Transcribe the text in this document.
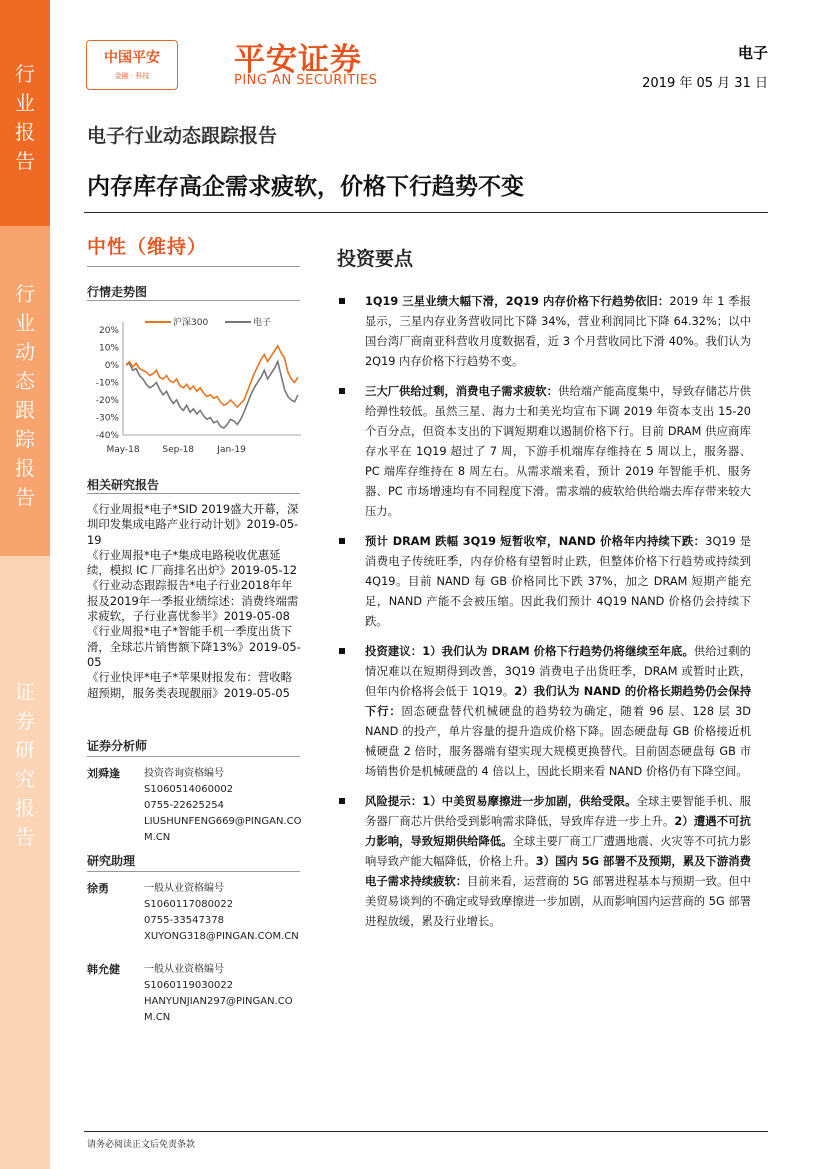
行
业
报
告
行
业
动
态
跟
踪
报
告
证
券
研
究
报
告
中国平安
金融 · 科技	平安证券
PING AN SECURITIES
电子
2019 年 05 月 31 日
电子行业动态跟踪报告
内存库存高企需求疲软，价格下行趋势不变
中性（维持）
行情走势图
沪深300	电子
20%
10%
0%
-10%
-20%
-30%
-40%
May-18	Sep-18	Jan-19
相关研究报告

《行业周报*电子*SID 2019盛大开幕，深圳印发集成电路产业行动计划》2019-05-19

《行业周报*电子*集成电路税收优惠延续，模拟 IC 厂商排名出炉》2019-05-12

《行业动态跟踪报告*电子行业2018年年报及2019年一季报业绩综述：消费终端需求疲软，子行业喜忧参半》2019-05-08

《行业周报*电子*智能手机一季度出货下滑，全球芯片销售额下降13%》2019-05-05

《行业快评*电子*苹果财报发布：营收略超预期，服务类表现靓丽》2019-05-05

证券分析师
刘舜逢 投资咨询资格编号
S1060514060002
0755-22625254
LIUSHUNFENG669@PINGAN.COM.CN
研究助理
徐勇	一般从业资格编号
S1060117080022
0755-33547378
XUYONG318@PINGAN.COM.CN
韩允健 一般从业资格编号
S1060119030022
HANYUNJIAN297@PINGAN.COM.CN
投资要点
1Q19 三星业绩大幅下滑，2Q19 内存价格下行趋势依旧：2019 年 1 季报显示，三星内存业务营收同比下降 34%，营业利润同比下降 64.32%；以中国台湾厂商南亚科营收月度数据看，近 3 个月营收同比下滑 40%。我们认为 2Q19 内存价格下行趋势不变。
三大厂供给过剩，消费电子需求疲软：供给端产能高度集中，导致存储芯片供给弹性较低。虽然三星、海力士和美光均宣布下调 2019 年资本支出 15-20 个百分点，但资本支出的下调短期难以遏制价格下行。目前 DRAM 供应商库存水平在 1Q19 超过了 7 周，下游手机端库存维持在 5 周以上，服务器、PC 端库存维持在 8 周左右。从需求端来看，预计 2019 年智能手机、服务器、PC 市场增速均有不同程度下滑。需求端的疲软给供给端去库存带来较大压力。
预计 DRAM 跌幅 3Q19 短暂收窄，NAND 价格年内持续下跌：3Q19 是消费电子传统旺季，内存价格有望暂时止跌，但整体价格下行趋势或持续到 4Q19。目前 NAND 每 GB 价格同比下跌 37%，加之 DRAM 短期产能充足，NAND 产能不会被压缩。因此我们预计 4Q19 NAND 价格仍会持续下跌。
投资建议：1）我们认为 DRAM 价格下行趋势仍将继续至年底。供给过剩的情况难以在短期得到改善，3Q19 消费电子出货旺季，DRAM 或暂时止跌，但年内价格将会低于 1Q19。2）我们认为 NAND 的价格长期趋势仍会保持下行：固态硬盘替代机械硬盘的趋势较为确定，随着 96 层、128 层 3D NAND 的投产，单片容量的提升造成价格下降。固态硬盘每 GB 价格接近机械硬盘 2 倍时，服务器端有望实现大规模更换替代。目前固态硬盘每 GB 市场销售价是机械硬盘的 4 倍以上，因此长期来看 NAND 价格仍有下降空间。
风险提示：1）中美贸易摩擦进一步加剧，供给受限。全球主要智能手机、服务器厂商芯片供给受到影响需求降低，导致库存进一步上升。2）遭遇不可抗力影响，导致短期供给降低。全球主要厂商工厂遭遇地震、火灾等不可抗力影响导致产能大幅降低，价格上升。3）国内 5G 部署不及预期，累及下游消费电子需求持续疲软：目前来看，运营商的 5G 部署进程基本与预期一致。但中美贸易谈判的不确定或导致摩擦进一步加剧，从而影响国内运营商的 5G 部署进程放缓，累及行业增长。
请务必阅读正文后免责条款
